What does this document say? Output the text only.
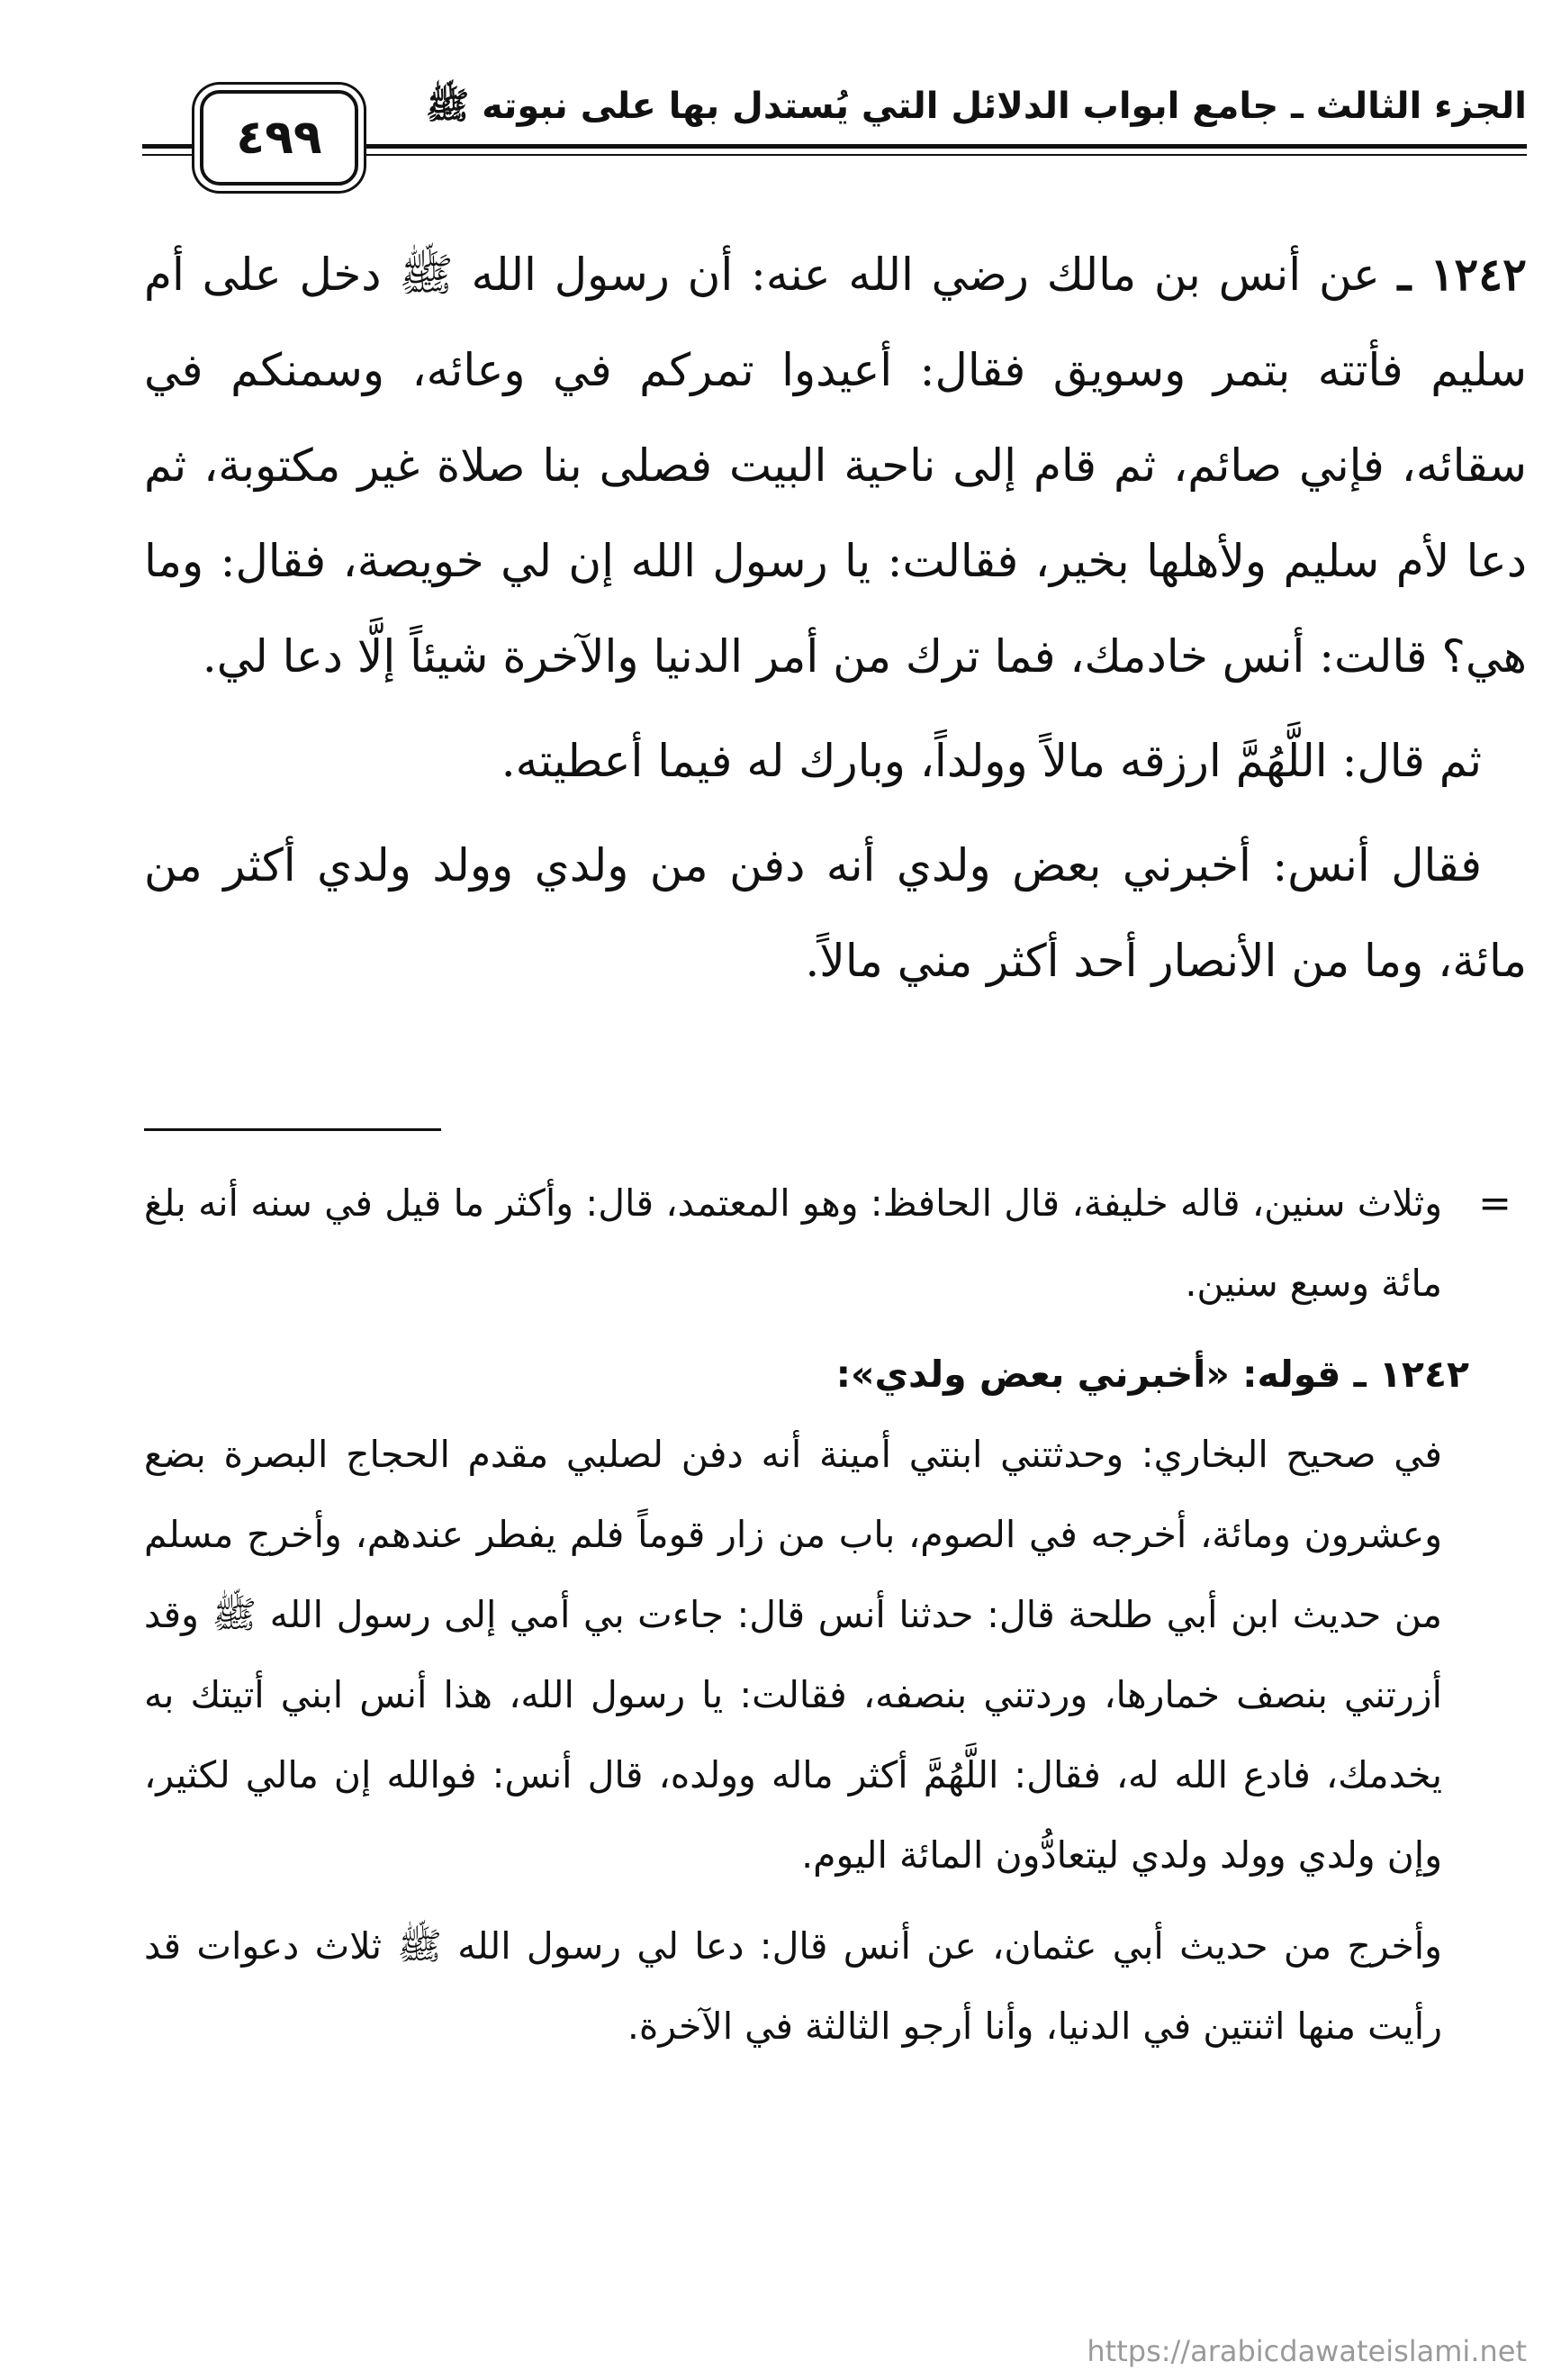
الجزء الثالث ـ جامع ابواب الدلائل التي يُستدل بها على نبوته ﷺ
٤٩٩

١٢٤٢ ـ عن أنس بن مالك رضي الله عنه: أن رسول الله ﷺ دخل على أم سليم فأتته بتمر وسويق فقال: أعيدوا تمركم في وعائه، وسمنكم في سقائه، فإني صائم، ثم قام إلى ناحية البيت فصلى بنا صلاة غير مكتوبة، ثم دعا لأم سليم ولأهلها بخير، فقالت: يا رسول الله إن لي خويصة، فقال: وما هي؟ قالت: أنس خادمك، فما ترك من أمر الدنيا والآخرة شيئاً إلَّا دعا لي.

ثم قال: اللَّهُمَّ ارزقه مالاً وولداً، وبارك له فيما أعطيته.

فقال أنس: أخبرني بعض ولدي أنه دفن من ولدي وولد ولدي أكثر من مائة، وما من الأنصار أحد أكثر مني مالاً.

=

وثلاث سنين، قاله خليفة، قال الحافظ: وهو المعتمد، قال: وأكثر ما قيل في سنه أنه بلغ مائة وسبع سنين.

١٢٤٢ ـ قوله: «أخبرني بعض ولدي»:

في صحيح البخاري: وحدثتني ابنتي أمينة أنه دفن لصلبي مقدم الحجاج البصرة بضع وعشرون ومائة، أخرجه في الصوم، باب من زار قوماً فلم يفطر عندهم، وأخرج مسلم من حديث ابن أبي طلحة قال: حدثنا أنس قال: جاءت بي أمي إلى رسول الله ﷺ وقد أزرتني بنصف خمارها، وردتني بنصفه، فقالت: يا رسول الله، هذا أنس ابني أتيتك به يخدمك، فادع الله له، فقال: اللَّهُمَّ أكثر ماله وولده، قال أنس: فوالله إن مالي لكثير، وإن ولدي وولد ولدي ليتعادُّون المائة اليوم.

وأخرج من حديث أبي عثمان، عن أنس قال: دعا لي رسول الله ﷺ ثلاث دعوات قد رأيت منها اثنتين في الدنيا، وأنا أرجو الثالثة في الآخرة.

https://arabicdawateislami.net
